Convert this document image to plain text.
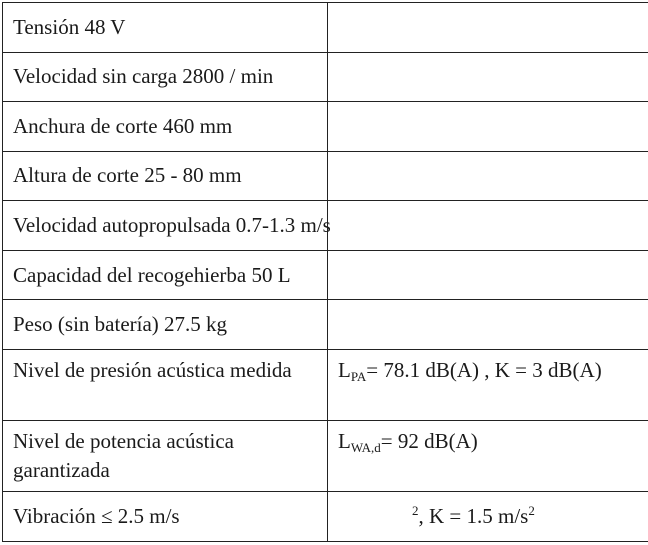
Tensión 48 V	
Velocidad sin carga 2800 / min	
Anchura de corte 460 mm	
Altura de corte 25 - 80 mm	
Velocidad autopropulsada 0.7-1.3 m/s	
Capacidad del recogehierba 50 L	
Peso (sin batería) 27.5 kg	
Nivel de presión acústica medida	$L_{PA}= 78.1$ dB(A) , K = 3 dB(A)
Nivel de potencia acústica garantizada	$L_{WA,d}= 92$ dB(A)
Vibración ≤ 2.5 m/s	$^2$, K = 1.5 $m/s^2$
